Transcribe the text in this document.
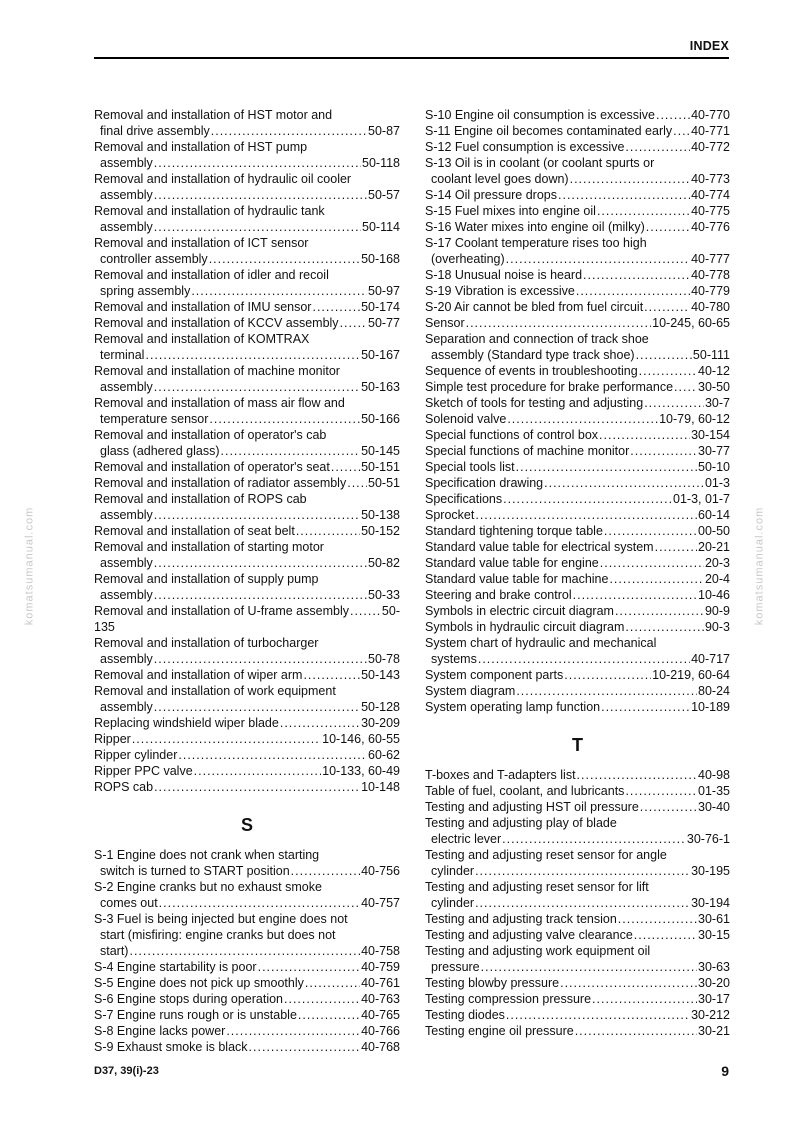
INDEX
komatsumanual.com	komatsumanual.com
Removal and installation of HST motor and
final drive assembly .....	50-87
Removal and installation of HST pump
assembly .....	50-118
Removal and installation of hydraulic oil cooler
assembly .....	50-57
Removal and installation of hydraulic tank
assembly .....	50-114
Removal and installation of ICT sensor
controller assembly .....	50-168
Removal and installation of idler and recoil
spring assembly .....	50-97
Removal and installation of IMU sensor .....	50-174
Removal and installation of KCCV assembly ..... 50-77
Removal and installation of KOMTRAX
terminal .....	50-167
Removal and installation of machine monitor
assembly .....	50-163
Removal and installation of mass air flow and
temperature sensor .....	50-166
Removal and installation of operator's cab
glass (adhered glass) .....	50-145
Removal and installation of operator's seat ..... 50-151
Removal and installation of radiator assembly ..... 50-51
Removal and installation of ROPS cab
assembly .....	50-138
Removal and installation of seat belt .....	50-152
Removal and installation of starting motor
assembly .....	50-82
Removal and installation of supply pump
assembly .....	50-33
Removal and installation of U-frame assembly .....	50-
135
Removal and installation of turbocharger
assembly .....	50-78
Removal and installation of wiper arm .....	50-143
Removal and installation of work equipment
assembly .....	50-128
Replacing windshield wiper blade .....	30-209
Ripper .....	10-146, 60-55
Ripper cylinder .....	60-62
Ripper PPC valve .....	10-133, 60-49
ROPS cab .....	10-148
S
S-1 Engine does not crank when starting
switch is turned to START position .....	40-756
S-2 Engine cranks but no exhaust smoke
comes out .....	40-757
S-3 Fuel is being injected but engine does not
start (misfiring: engine cranks but does not
start) .....	40-758
S-4 Engine startability is poor .....	40-759
S-5 Engine does not pick up smoothly .....	40-761
S-6 Engine stops during operation .....	40-763
S-7 Engine runs rough or is unstable .....	40-765
S-8 Engine lacks power .....	40-766
S-9 Exhaust smoke is black .....	40-768
S-10 Engine oil consumption is excessive .....	40-770
S-11 Engine oil becomes contaminated early ..... 40-771
S-12 Fuel consumption is excessive .....	40-772
S-13 Oil is in coolant (or coolant spurts or
coolant level goes down) .....	40-773
S-14 Oil pressure drops .....	40-774
S-15 Fuel mixes into engine oil .....	40-775
S-16 Water mixes into engine oil (milky) .....	40-776
S-17 Coolant temperature rises too high
(overheating) .....	40-777
S-18 Unusual noise is heard .....	40-778
S-19 Vibration is excessive .....	40-779
S-20 Air cannot be bled from fuel circuit .....	40-780
Sensor .....	10-245, 60-65
Separation and connection of track shoe
assembly (Standard type track shoe) .....	50-111
Sequence of events in troubleshooting .....	40-12
Simple test procedure for brake performance ..... 30-50
Sketch of tools for testing and adjusting .....	30-7
Solenoid valve .....	10-79, 60-12
Special functions of control box .....	30-154
Special functions of machine monitor .....	30-77
Special tools list .....	50-10
Specification drawing .....	01-3
Specifications .....	01-3, 01-7
Sprocket .....	60-14
Standard tightening torque table .....	00-50
Standard value table for electrical system .....	20-21
Standard value table for engine .....	20-3
Standard value table for machine .....	20-4
Steering and brake control .....	10-46
Symbols in electric circuit diagram .....	90-9
Symbols in hydraulic circuit diagram .....	90-3
System chart of hydraulic and mechanical
systems .....	40-717
System component parts .....	10-219, 60-64
System diagram .....	80-24
System operating lamp function .....	10-189
T
T-boxes and T-adapters list .....	40-98
Table of fuel, coolant, and lubricants .....	01-35
Testing and adjusting HST oil pressure .....	30-40
Testing and adjusting play of blade
electric lever .....	30-76-1
Testing and adjusting reset sensor for angle
cylinder .....	30-195
Testing and adjusting reset sensor for lift
cylinder .....	30-194
Testing and adjusting track tension .....	30-61
Testing and adjusting valve clearance .....	30-15
Testing and adjusting work equipment oil
pressure .....	30-63
Testing blowby pressure .....	30-20
Testing compression pressure .....	30-17
Testing diodes .....	30-212
Testing engine oil pressure .....	30-21
D37, 39(i)-23	9
